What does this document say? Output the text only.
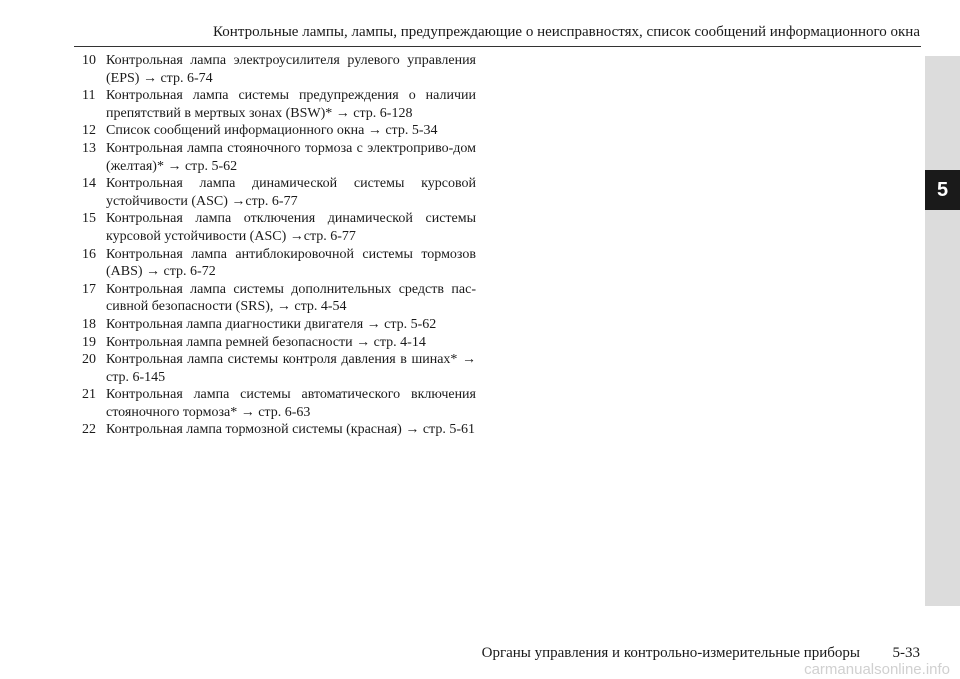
Контрольные лампы, лампы, предупреждающие о неисправностях, список сообщений информационного окна
5
10 Контрольная лампа электроусилителя рулевого управления (EPS) → стр. 6-74
11 Контрольная лампа системы предупреждения о наличии препятствий в мертвых зонах (BSW)* → стр. 6-128
12 Список сообщений информационного окна → стр. 5-34
13 Контрольная лампа стояночного тормоза с электроприво-дом (желтая)* → стр. 5-62
14 Контрольная лампа динамической системы курсовой устойчивости (ASC) →стр. 6-77
15 Контрольная лампа отключения динамической системы курсовой устойчивости (ASC) →стр. 6-77
16 Контрольная лампа антиблокировочной системы тормозов (ABS) → стр. 6-72
17 Контрольная лампа системы дополнительных средств пас-сивной безопасности (SRS), → стр. 4-54
18 Контрольная лампа диагностики двигателя → стр. 5-62
19 Контрольная лампа ремней безопасности → стр. 4-14
20 Контрольная лампа системы контроля давления в шинах* → стр. 6-145
21 Контрольная лампа системы автоматического включения стояночного тормоза* → стр. 6-63
22 Контрольная лампа тормозной системы (красная) → стр. 5-61
Органы управления и контрольно-измерительные приборы	5-33
carmanualsonline.info
